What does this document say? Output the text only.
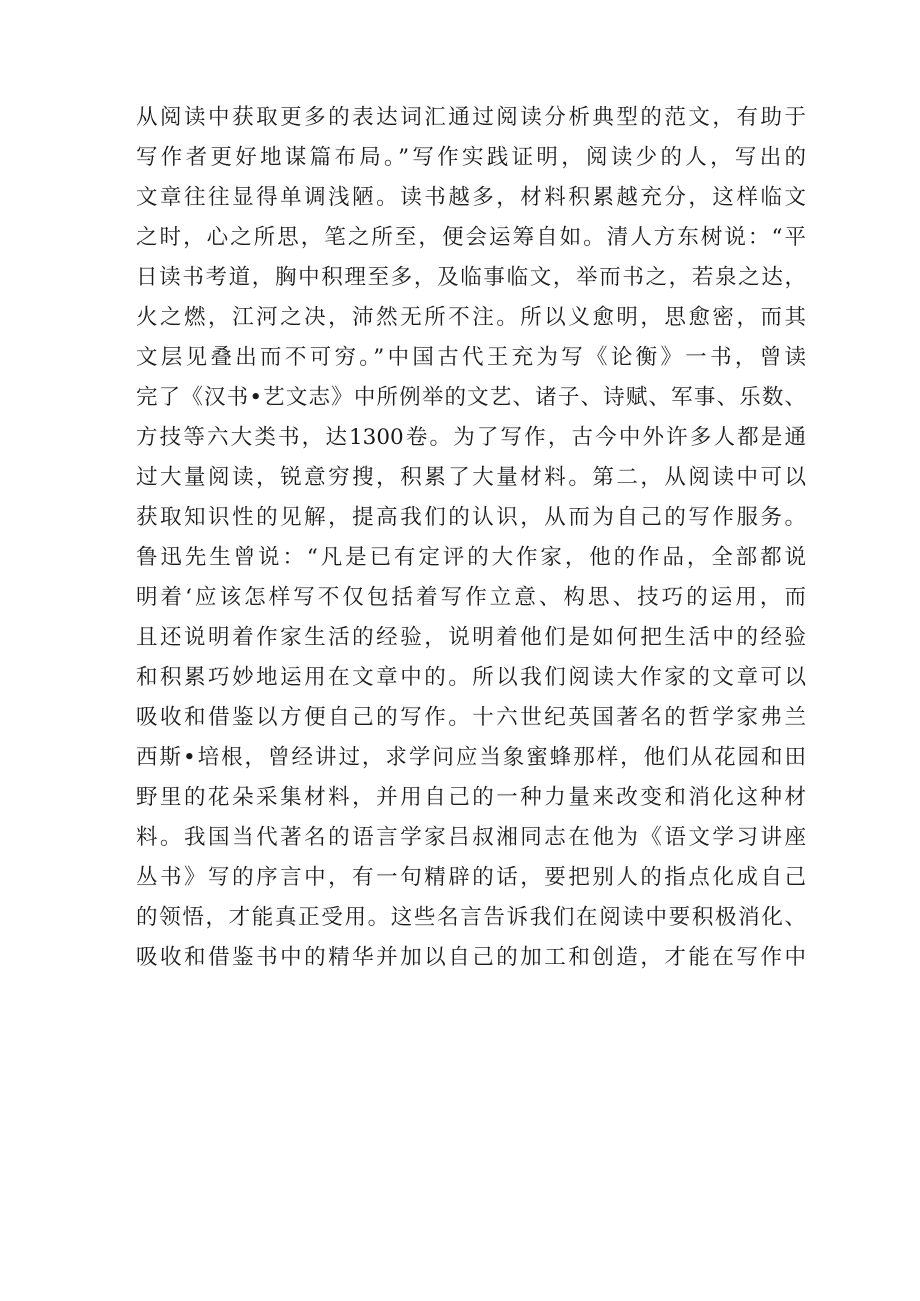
从阅读中获取更多的表达词汇通过阅读分析典型的范文，有助于
写作者更好地谋篇布局。”写作实践证明，阅读少的人，写出的
文章往往显得单调浅陋。读书越多，材料积累越充分，这样临文
之时，心之所思，笔之所至，便会运筹自如。清人方东树说：“平
日读书考道，胸中积理至多，及临事临文，举而书之，若泉之达，
火之燃，江河之决，沛然无所不注。所以义愈明，思愈密，而其
文层见叠出而不可穷。”中国古代王充为写《论衡》一书，曾读
完了《汉书•艺文志》中所例举的文艺、诸子、诗赋、军事、乐数、
方技等六大类书，达1300卷。为了写作，古今中外许多人都是通
过大量阅读，锐意穷搜，积累了大量材料。第二，从阅读中可以
获取知识性的见解，提高我们的认识，从而为自己的写作服务。
鲁迅先生曾说：“凡是已有定评的大作家，他的作品，全部都说
明着‘应该怎样写不仅包括着写作立意、构思、技巧的运用，而
且还说明着作家生活的经验，说明着他们是如何把生活中的经验
和积累巧妙地运用在文章中的。所以我们阅读大作家的文章可以
吸收和借鉴以方便自己的写作。十六世纪英国著名的哲学家弗兰
西斯•培根，曾经讲过，求学问应当象蜜蜂那样，他们从花园和田
野里的花朵采集材料，并用自己的一种力量来改变和消化这种材
料。我国当代著名的语言学家吕叔湘同志在他为《语文学习讲座
丛书》写的序言中，有一句精辟的话，要把别人的指点化成自己
的领悟，才能真正受用。这些名言告诉我们在阅读中要积极消化、
吸收和借鉴书中的精华并加以自己的加工和创造，才能在写作中
